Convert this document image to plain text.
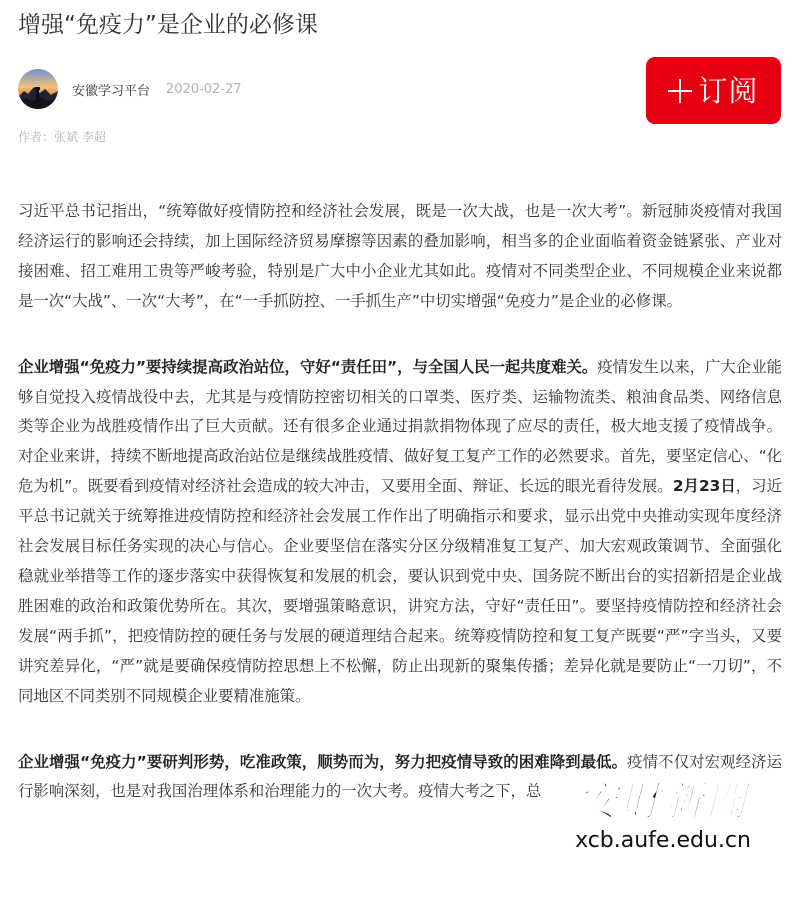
增强“免疫力”是企业的必修课
安徽学习平台 2020-02-27	订阅
作者：张斌 李超

习近平总书记指出，“统筹做好疫情防控和经济社会发展，既是一次大战，也是一次大考”。新冠肺炎疫情对我国经济运行的影响还会持续，加上国际经济贸易摩擦等因素的叠加影响，相当多的企业面临着资金链紧张、产业对接困难、招工难用工贵等严峻考验，特别是广大中小企业尤其如此。疫情对不同类型企业、不同规模企业来说都是一次“大战”、一次“大考”，在“一手抓防控、一手抓生产”中切实增强“免疫力”是企业的必修课。

企业增强“免疫力”要持续提高政治站位，守好“责任田”，与全国人民一起共度难关。疫情发生以来，广大企业能够自觉投入疫情战役中去，尤其是与疫情防控密切相关的口罩类、医疗类、运输物流类、粮油食品类、网络信息类等企业为战胜疫情作出了巨大贡献。还有很多企业通过捐款捐物体现了应尽的责任，极大地支援了疫情战争。对企业来讲，持续不断地提高政治站位是继续战胜疫情、做好复工复产工作的必然要求。首先，要坚定信心、“化危为机”。既要看到疫情对经济社会造成的较大冲击，又要用全面、辩证、长远的眼光看待发展。2月23日，习近平总书记就关于统筹推进疫情防控和经济社会发展工作作出了明确指示和要求，显示出党中央推动实现年度经济社会发展目标任务实现的决心与信心。企业要坚信在落实分区分级精准复工复产、加大宏观政策调节、全面强化稳就业举措等工作的逐步落实中获得恢复和发展的机会，要认识到党中央、国务院不断出台的实招新招是企业战胜困难的政治和政策优势所在。其次，要增强策略意识，讲究方法，守好“责任田”。要坚持疫情防控和经济社会发展“两手抓”，把疫情防控的硬任务与发展的硬道理结合起来。统筹疫情防控和复工复产既要“严”字当头，又要讲究差异化，“严”就是要确保疫情防控思想上不松懈，防止出现新的聚集传播；差异化就是要防止“一刀切”，不同地区不同类别不同规模企业要精准施策。

企业增强“免疫力”要研判形势，吃准政策，顺势而为，努力把疫情导致的困难降到最低。疫情不仅对宏观经济运行影响深刻，也是对我国治理体系和治理能力的一次大考。疫情大考之下，总 安財新聞
xcb.aufe.edu.cn
